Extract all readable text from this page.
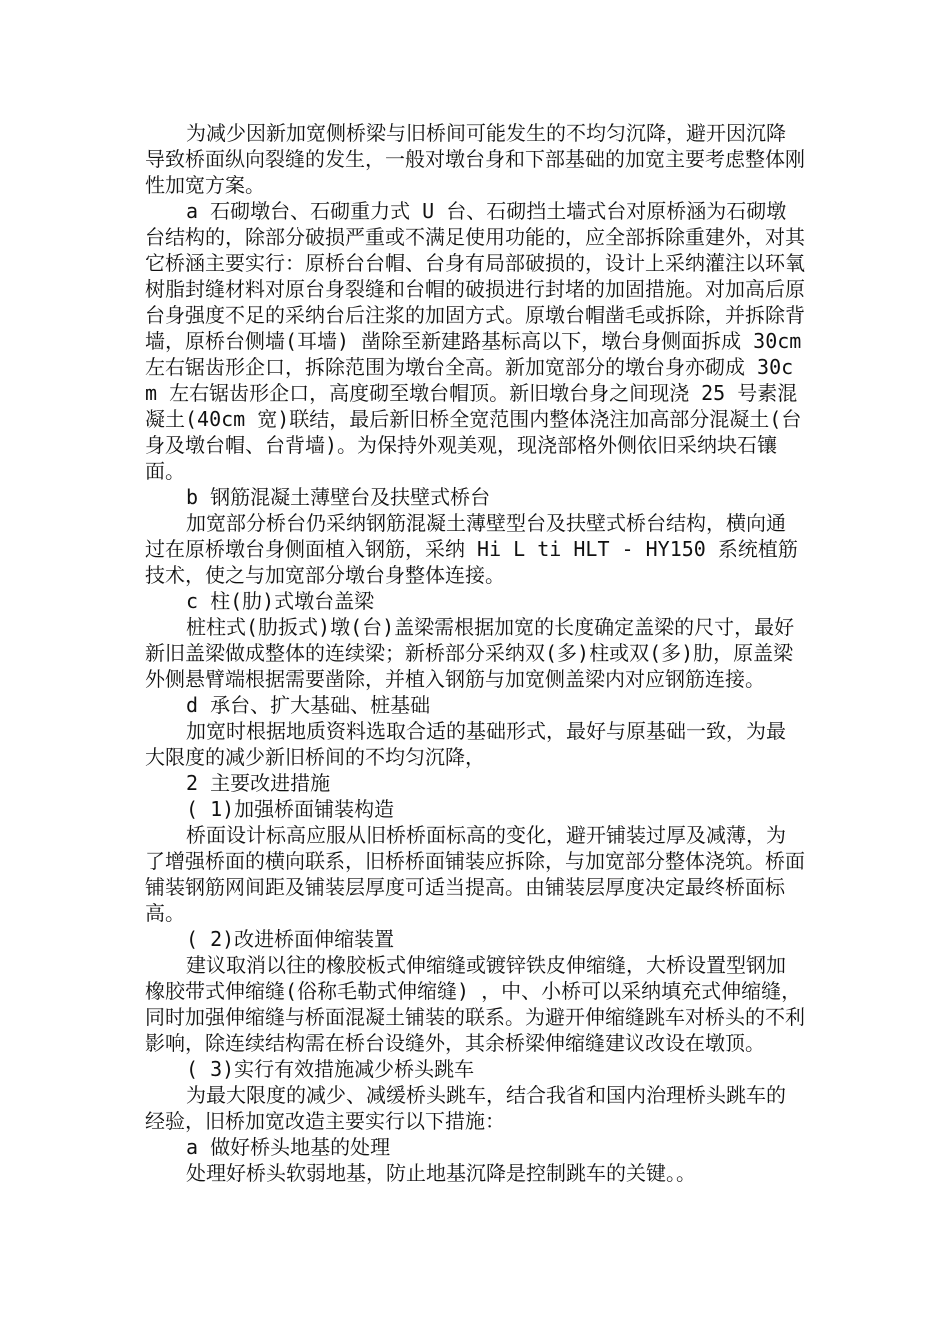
为减少因新加宽侧桥梁与旧桥间可能发生的不均匀沉降，避开因沉降导致桥面纵向裂缝的发生，一般对墩台身和下部基础的加宽主要考虑整体刚性加宽方案。

a 石砌墩台、石砌重力式 U 台、石砌挡土墙式台对原桥涵为石砌墩台结构的，除部分破损严重或不满足使用功能的，应全部拆除重建外，对其它桥涵主要实行：原桥台台帽、台身有局部破损的，设计上采纳灌注以环氧树脂封缝材料对原台身裂缝和台帽的破损进行封堵的加固措施。对加高后原台身强度不足的采纳台后注浆的加固方式。原墩台帽凿毛或拆除，并拆除背墙，原桥台侧墙(耳墙) 凿除至新建路基标高以下，墩台身侧面拆成 30cm 左右锯齿形企口，拆除范围为墩台全高。新加宽部分的墩台身亦砌成 30cm 左右锯齿形企口，高度砌至墩台帽顶。新旧墩台身之间现浇 25 号素混凝土(40cm 宽)联结，最后新旧桥全宽范围内整体浇注加高部分混凝土(台身及墩台帽、台背墙)。为保持外观美观，现浇部格外侧依旧采纳块石镶面。

b 钢筋混凝土薄壁台及扶壁式桥台

加宽部分桥台仍采纳钢筋混凝土薄壁型台及扶壁式桥台结构，横向通过在原桥墩台身侧面植入钢筋，采纳 Hi L ti HLT - HY150 系统植筋技术，使之与加宽部分墩台身整体连接。

c 柱(肋)式墩台盖梁

桩柱式(肋扳式)墩(台)盖梁需根据加宽的长度确定盖梁的尺寸，最好新旧盖梁做成整体的连续梁；新桥部分采纳双(多)柱或双(多)肋，原盖梁外侧悬臂端根据需要凿除，并植入钢筋与加宽侧盖梁内对应钢筋连接。

d 承台、扩大基础、桩基础

加宽时根据地质资料选取合适的基础形式，最好与原基础一致，为最大限度的减少新旧桥间的不均匀沉降，

2 主要改进措施

( 1)加强桥面铺装构造

桥面设计标高应服从旧桥桥面标高的变化，避开铺装过厚及减薄，为了增强桥面的横向联系，旧桥桥面铺装应拆除，与加宽部分整体浇筑。桥面铺装钢筋网间距及铺装层厚度可适当提高。由铺装层厚度决定最终桥面标高。

( 2)改进桥面伸缩装置

建议取消以往的橡胶板式伸缩缝或镀锌铁皮伸缩缝，大桥设置型钢加橡胶带式伸缩缝(俗称毛勒式伸缩缝) ，中、小桥可以采纳填充式伸缩缝，同时加强伸缩缝与桥面混凝土铺装的联系。为避开伸缩缝跳车对桥头的不利影响，除连续结构需在桥台设缝外，其余桥梁伸缩缝建议改设在墩顶。

( 3)实行有效措施减少桥头跳车

为最大限度的减少、减缓桥头跳车，结合我省和国内治理桥头跳车的经验，旧桥加宽改造主要实行以下措施：

a 做好桥头地基的处理

处理好桥头软弱地基，防止地基沉降是控制跳车的关键。。
